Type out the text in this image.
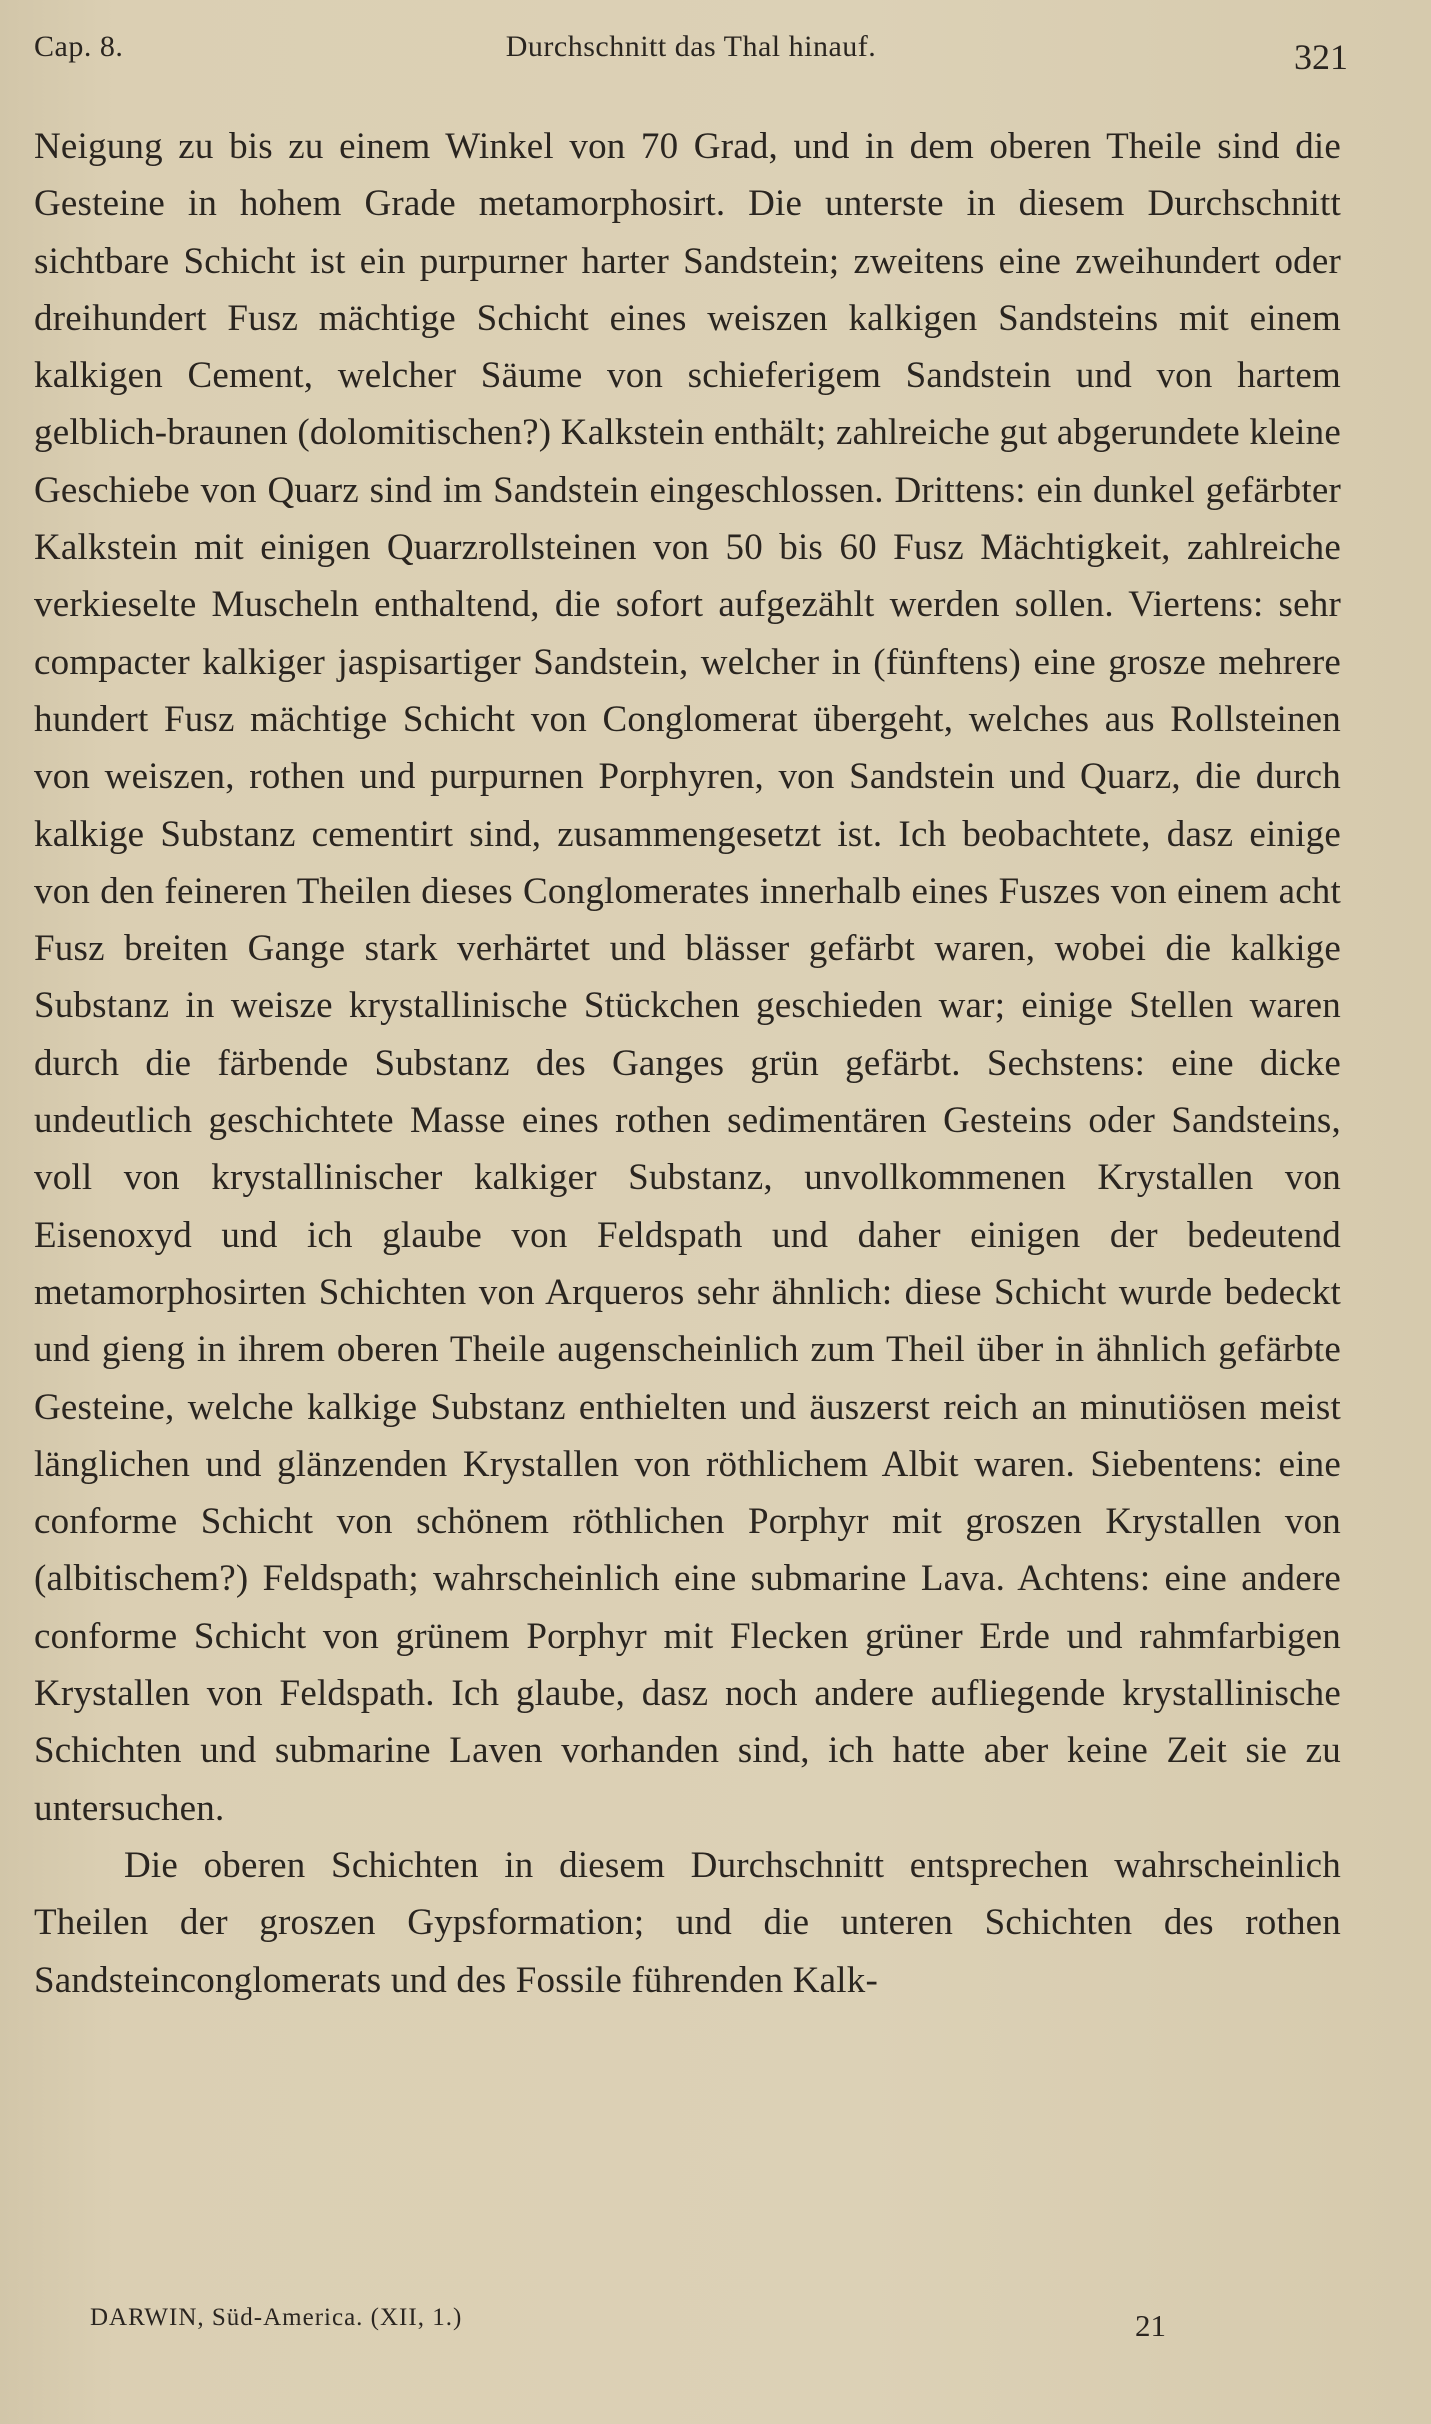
Cap. 8.	Durchschnitt das Thal hinauf.	321

Neigung zu bis zu einem Winkel von 70 Grad, und in dem oberen Theile sind die Gesteine in hohem Grade metamorphosirt. Die unterste in diesem Durchschnitt sichtbare Schicht ist ein purpurner harter Sandstein; zweitens eine zweihundert oder dreihundert Fusz mächtige Schicht eines weiszen kalkigen Sandsteins mit einem kalkigen Cement, welcher Säume von schieferigem Sandstein und von hartem gelblich-braunen (dolomitischen?) Kalkstein enthält; zahlreiche gut abgerundete kleine Geschiebe von Quarz sind im Sandstein eingeschlossen. Drittens: ein dunkel gefärbter Kalkstein mit einigen Quarzrollsteinen von 50 bis 60 Fusz Mächtigkeit, zahlreiche verkieselte Muscheln enthaltend, die sofort aufgezählt werden sollen. Viertens: sehr compacter kalkiger jaspisartiger Sandstein, welcher in (fünftens) eine grosze mehrere hundert Fusz mächtige Schicht von Conglomerat übergeht, welches aus Rollsteinen von weiszen, rothen und purpurnen Porphyren, von Sandstein und Quarz, die durch kalkige Substanz cementirt sind, zusammengesetzt ist. Ich beobachtete, dasz einige von den feineren Theilen dieses Conglomerates innerhalb eines Fuszes von einem acht Fusz breiten Gange stark verhärtet und blässer gefärbt waren, wobei die kalkige Substanz in weisze krystallinische Stückchen geschieden war; einige Stellen waren durch die färbende Substanz des Ganges grün gefärbt. Sechstens: eine dicke undeutlich geschichtete Masse eines rothen sedimentären Gesteins oder Sandsteins, voll von krystallinischer kalkiger Substanz, unvollkommenen Krystallen von Eisenoxyd und ich glaube von Feldspath und daher einigen der bedeutend metamorphosirten Schichten von Arqueros sehr ähnlich: diese Schicht wurde bedeckt und gieng in ihrem oberen Theile augenscheinlich zum Theil über in ähnlich gefärbte Gesteine, welche kalkige Substanz enthielten und äuszerst reich an minutiösen meist länglichen und glänzenden Krystallen von röthlichem Albit waren. Siebentens: eine conforme Schicht von schönem röthlichen Porphyr mit groszen Krystallen von (albitischem?) Feldspath; wahrscheinlich eine submarine Lava. Achtens: eine andere conforme Schicht von grünem Porphyr mit Flecken grüner Erde und rahmfarbigen Krystallen von Feldspath. Ich glaube, dasz noch andere aufliegende krystallinische Schichten und submarine Laven vorhanden sind, ich hatte aber keine Zeit sie zu untersuchen.

Die oberen Schichten in diesem Durchschnitt entsprechen wahrscheinlich Theilen der groszen Gypsformation; und die unteren Schichten des rothen Sandsteinconglomerats und des Fossile führenden Kalk-

DARWIN, Süd-America. (XII, 1.)	21
